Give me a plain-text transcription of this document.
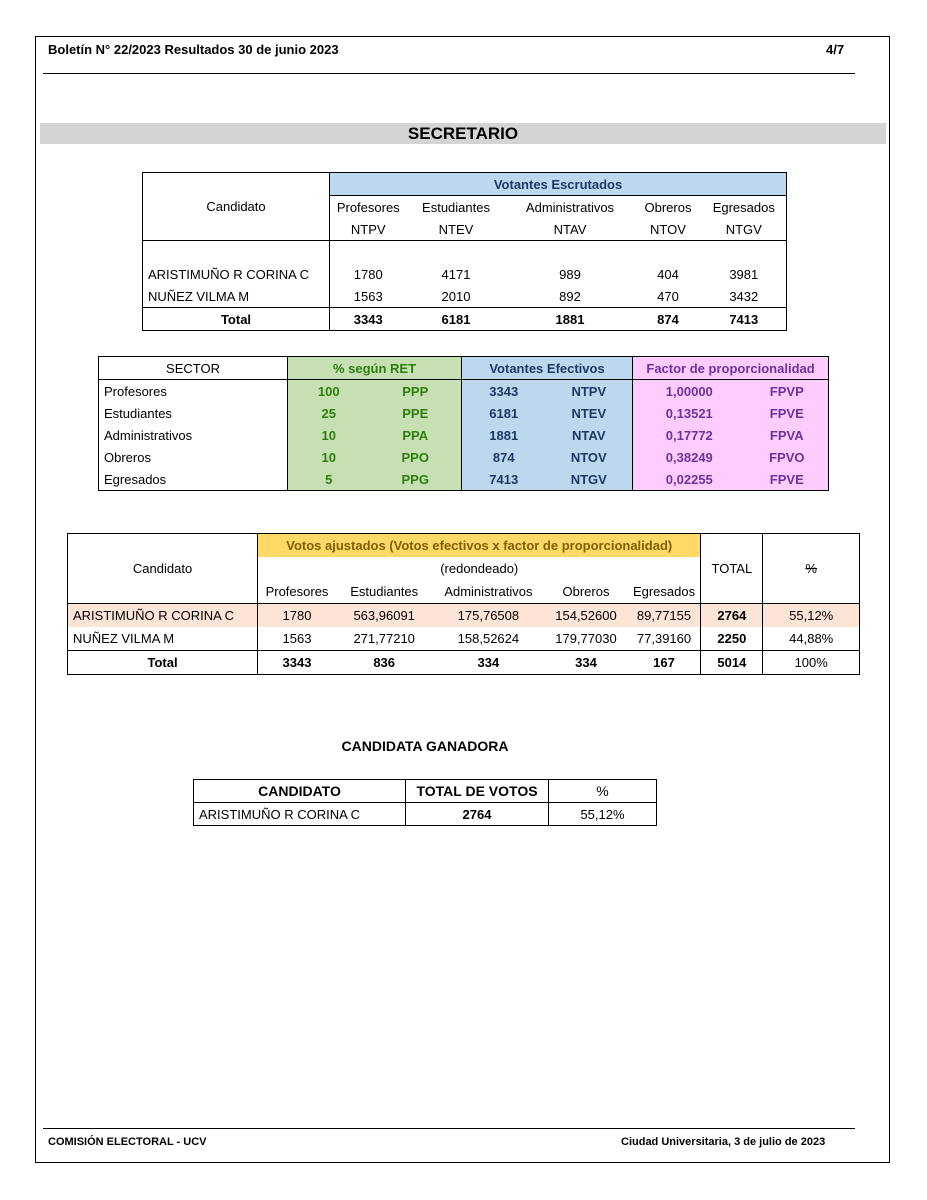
Boletín N° 22/2023 Resultados 30 de junio 2023	4/7
SECRETARIO
Candidato	Votantes Escrutados				
	Profesores	Estudiantes	Administrativos	Obreros	Egresados
	NTPV	NTEV	NTAV	NTOV	NTGV

ARISTIMUÑO R CORINA C	1780	4171	989	404	3981
NUÑEZ VILMA M	1563	2010	892	470	3432
Total	3343	6181	1881	874	7413
SECTOR	% según RET		Votantes Efectivos		Factor de proporcionalidad	
Profesores	100	PPP	3343	NTPV	1,00000	FPVP
Estudiantes	25	PPE	6181	NTEV	0,13521	FPVE
Administrativos	10	PPA	1881	NTAV	0,17772	FPVA
Obreros	10	PPO	874	NTOV	0,38249	FPVO
Egresados	5	PPG	7413	NTGV	0,02255	FPVE
Candidato	Votos ajustados (Votos efectivos x factor de proporcionalidad)					TOTAL	%
	(redondeado)						
	Profesores	Estudiantes	Administrativos	Obreros	Egresados		
ARISTIMUÑO R CORINA C	1780	563,96091	175,76508	154,52600	89,77155	2764	55,12%
NUÑEZ VILMA M	1563	271,77210	158,52624	179,77030	77,39160	2250	44,88%
Total	3343	836	334	334	167	5014	100%
CANDIDATA GANADORA
CANDIDATO	TOTAL DE VOTOS	%
ARISTIMUÑO R CORINA C	2764	55,12%
COMISIÓN ELECTORAL - UCV	Ciudad Universitaria, 3 de julio de 2023
